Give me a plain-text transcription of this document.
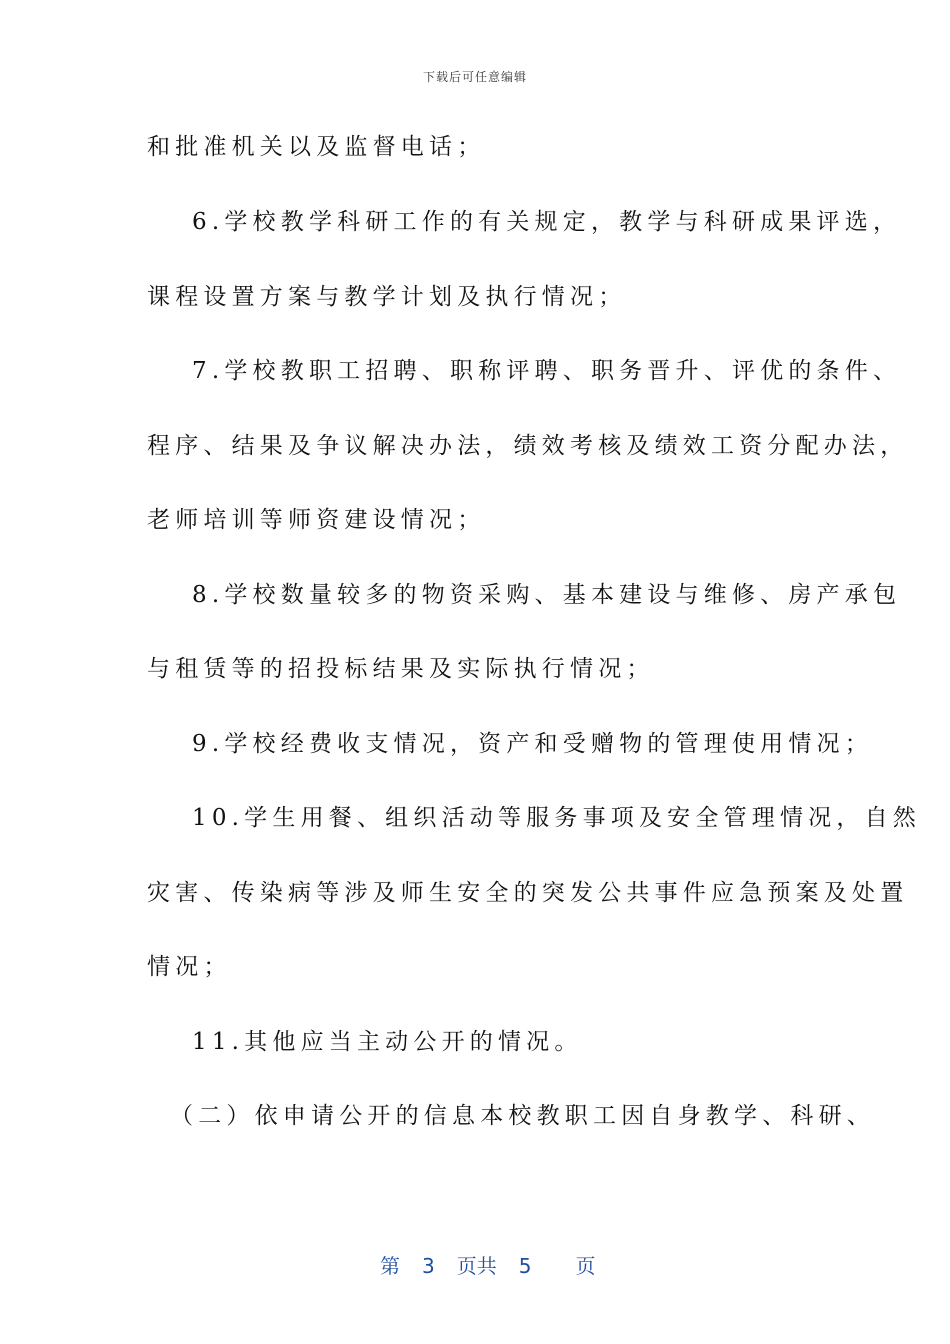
下载后可任意编辑
和批准机关以及监督电话；
6.学校教学科研工作的有关规定，教学与科研成果评选，
课程设置方案与教学计划及执行情况；
7.学校教职工招聘、职称评聘、职务晋升、评优的条件、
程序、结果及争议解决办法，绩效考核及绩效工资分配办法，
老师培训等师资建设情况；
8.学校数量较多的物资采购、基本建设与维修、房产承包
与租赁等的招投标结果及实际执行情况；
9.学校经费收支情况，资产和受赠物的管理使用情况；
10.学生用餐、组织活动等服务事项及安全管理情况，自然
灾害、传染病等涉及师生安全的突发公共事件应急预案及处置
情况；
11.其他应当主动公开的情况。
（二）依申请公开的信息本校教职工因自身教学、科研、

第 3 页共 5 页
